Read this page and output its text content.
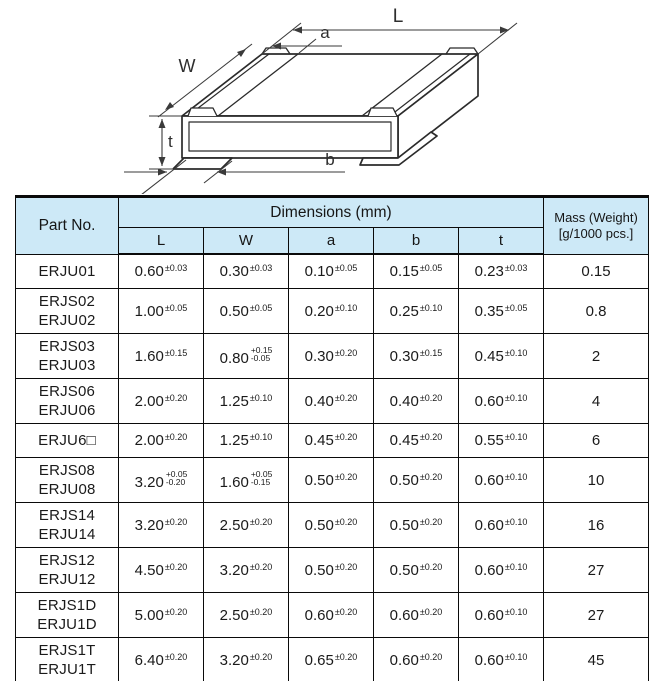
L
W
a
t
b
Part No.	Dimensions (mm)					Mass (Weight)
[g/1000 pcs.]

	L	W	a	b	t	

ERJU01	0.60±0.03	0.30±0.03	0.10±0.05	0.15±0.05	0.23±0.03	0.15

ERJS02
ERJU02	1.00±0.05	0.50±0.05	0.20±0.10	0.25±0.10	0.35±0.05	0.8

ERJS03
ERJU03
	1.60±0.15	0.80 +0.15
-0.05	0.30±0.20	0.30±0.15	0.45±0.10	2

ERJS06
ERJU06	2.00±0.20	1.25±0.10	0.40±0.20	0.40±0.20	0.60±0.10	4

ERJU6□	2.00±0.20	1.25±0.10	0.45±0.20	0.45±0.20	0.55±0.10	6

ERJS08
ERJU08	3.20 +0.05
-0.20	1.60 +0.05
-0.15	0.50±0.20	0.50±0.20	0.60±0.10	10

ERJS14
ERJU14	3.20±0.20	2.50±0.20	0.50±0.20	0.50±0.20	0.60±0.10	16

ERJS12
ERJU12	4.50±0.20	3.20±0.20	0.50±0.20	0.50±0.20	0.60±0.10	27

ERJS1D
ERJU1D	5.00±0.20	2.50±0.20	0.60±0.20	0.60±0.20	0.60±0.10	27

ERJS1T
ERJU1T	6.40±0.20	3.20±0.20	0.65±0.20	0.60±0.20	0.60±0.10	45
